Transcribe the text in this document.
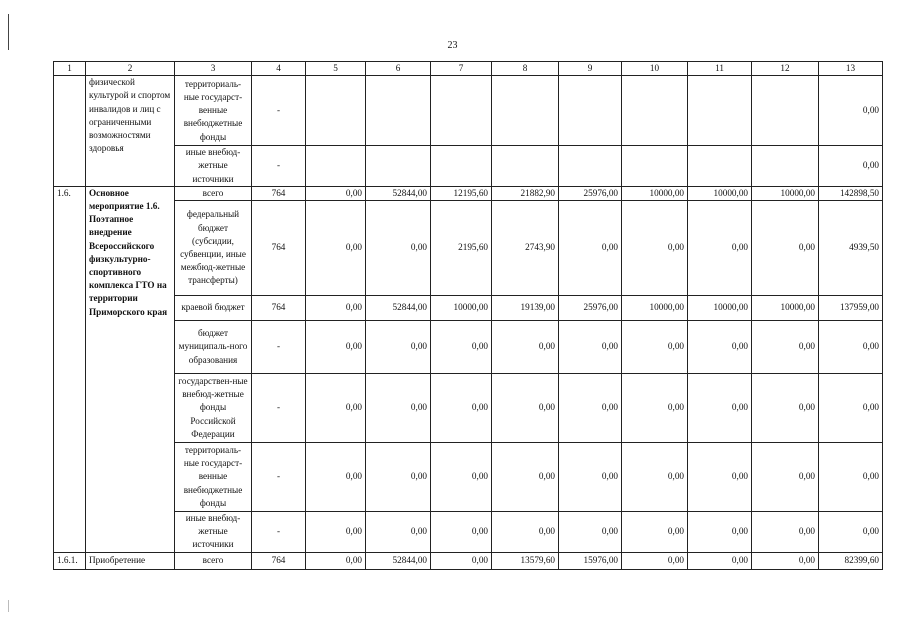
23
1	2	3	4	5	6	7	8	9	10	11	12	13
	физической культурой и спортом инвалидов и лиц с ограниченными возможностями здоровья	территориаль-ные государст-венные внебюджетные фонды	-									0,00
		иные внебюд-жетные источники	-									0,00
1.6.	Основное мероприятие 1.6. Поэтапное внедрение Всероссийского физкультурно-спортивного комплекса ГТО на территории Приморского края	всего	764	0,00	52844,00	12195,60	21882,90	25976,00	10000,00	10000,00	10000,00	142898,50
		федеральный бюджет (субсидии, субвенции, иные межбюд-жетные трансферты)	764	0,00	0,00	2195,60	2743,90	0,00	0,00	0,00	0,00	4939,50
		краевой бюджет	764	0,00	52844,00	10000,00	19139,00	25976,00	10000,00	10000,00	10000,00	137959,00
		бюджет муниципаль-ного образования	-	0,00	0,00	0,00	0,00	0,00	0,00	0,00	0,00	0,00
		государствен-ные внебюд-жетные фонды Российской Федерации	-	0,00	0,00	0,00	0,00	0,00	0,00	0,00	0,00	0,00
		территориаль-ные государст-венные внебюджетные фонды	-	0,00	0,00	0,00	0,00	0,00	0,00	0,00	0,00	0,00
		иные внебюд-жетные источники	-	0,00	0,00	0,00	0,00	0,00	0,00	0,00	0,00	0,00
1.6.1.	Приобретение	всего	764	0,00	52844,00	0,00	13579,60	15976,00	0,00	0,00	0,00	82399,60
